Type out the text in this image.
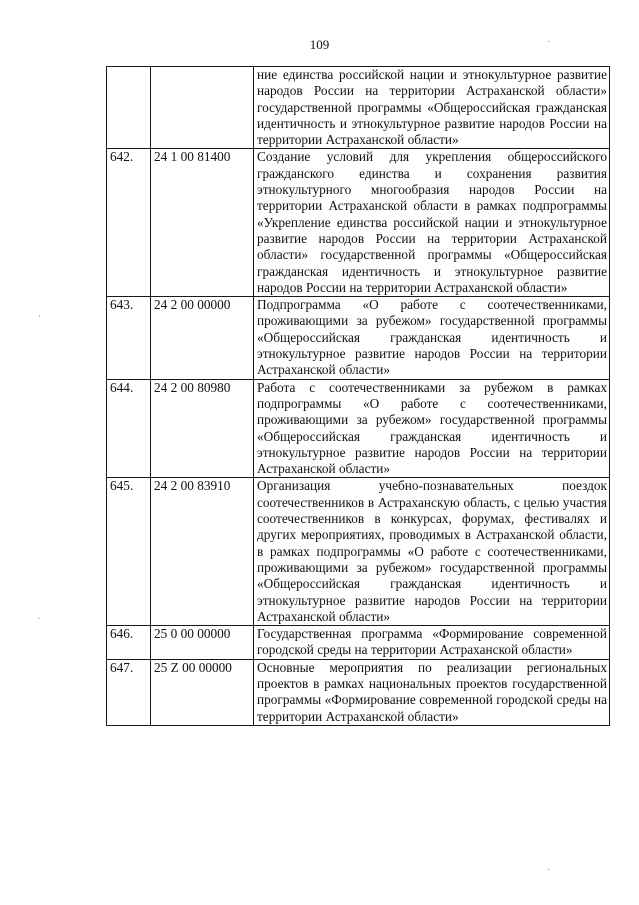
109
		ние единства российской нации и этнокультурное развитие народов России на территории Астраханской области» государственной программы «Общероссийская гражданская идентичность и этнокультурное развитие народов России на территории Астраханской области»
642.	24 1 00 81400	Создание условий для укрепления общероссийского гражданского единства и сохранения развития этнокультурного многообразия народов России на территории Астраханской области в рамках подпрограммы «Укрепление единства российской нации и этнокультурное развитие народов России на территории Астраханской области» государственной программы «Общероссийская гражданская идентичность и этнокультурное развитие народов России на территории Астраханской области»
643.	24 2 00 00000	Подпрограмма «О работе с соотечественниками, проживающими за рубежом» государственной программы «Общероссийская гражданская идентичность и этнокультурное развитие народов России на территории Астраханской области»
644.	24 2 00 80980	Работа с соотечественниками за рубежом в рамках подпрограммы «О работе с соотечественниками, проживающими за рубежом» государственной программы «Общероссийская гражданская идентичность и этнокультурное развитие народов России на территории Астраханской области»
645.	24 2 00 83910	Организация учебно-познавательных поездок соотечественников в Астраханскую область, с целью участия соотечественников в конкурсах, форумах, фестивалях и других мероприятиях, проводимых в Астраханской области, в рамках подпрограммы «О работе с соотечественниками, проживающими за рубежом» государственной программы «Общероссийская гражданская идентичность и этнокультурное развитие народов России на территории Астраханской области»
646.	25 0 00 00000	Государственная программа «Формирование современной городской среды на территории Астраханской области»
647.	25 Z 00 00000	Основные мероприятия по реализации региональных проектов в рамках национальных проектов государственной программы «Формирование современной городской среды на территории Астраханской области»
․
․
·
·
